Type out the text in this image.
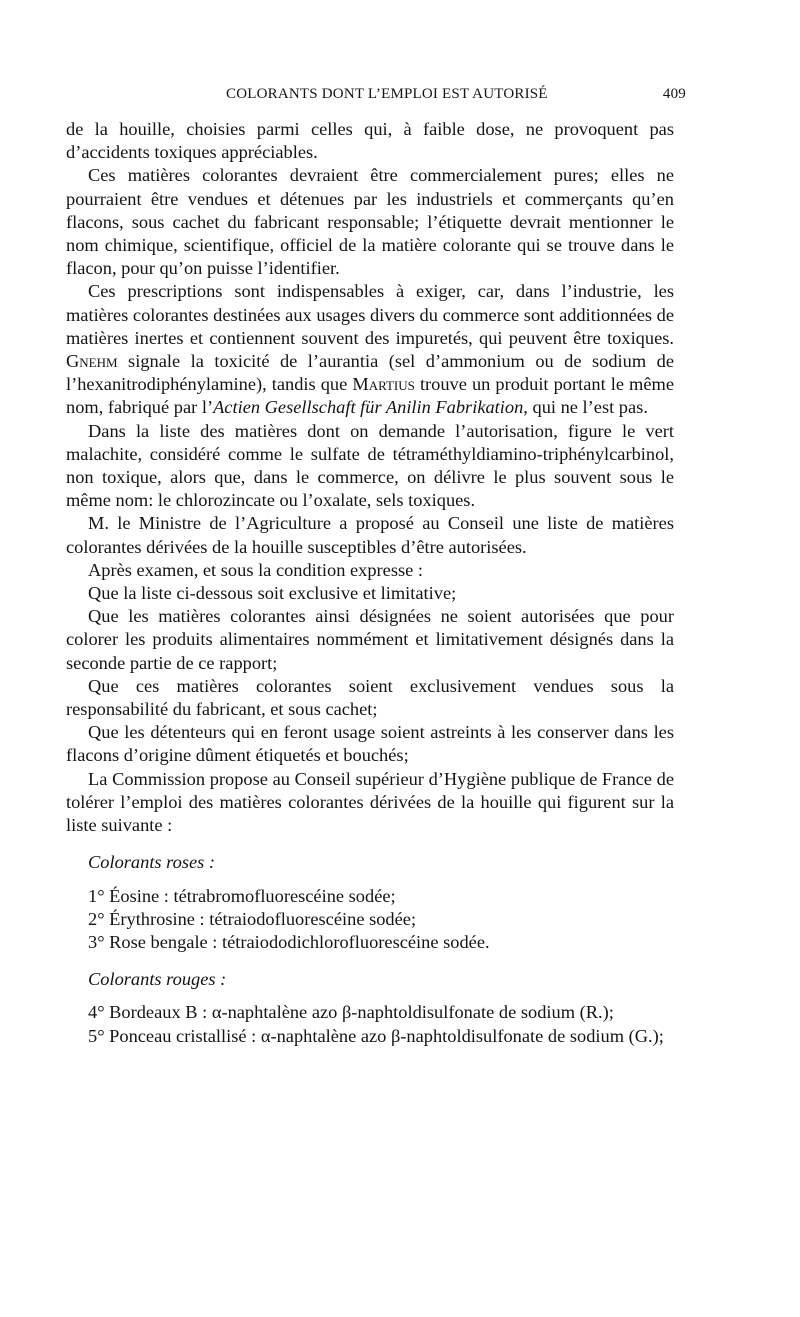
COLORANTS DONT L’EMPLOI EST AUTORISÉ	409

de la houille, choisies parmi celles qui, à faible dose, ne provoquent pas d’accidents toxiques appréciables.

Ces matières colorantes devraient être commercialement pures; elles ne pourraient être vendues et détenues par les industriels et commerçants qu’en flacons, sous cachet du fabricant responsable; l’étiquette devrait mentionner le nom chimique, scientifique, officiel de la matière colorante qui se trouve dans le flacon, pour qu’on puisse l’identifier.

Ces prescriptions sont indispensables à exiger, car, dans l’industrie, les matières colorantes destinées aux usages divers du commerce sont additionnées de matières inertes et contiennent souvent des impuretés, qui peuvent être toxiques. Gnehm signale la toxicité de l’aurantia (sel d’ammonium ou de sodium de l’hexanitrodiphénylamine), tandis que Martius trouve un produit portant le même nom, fabriqué par l’Actien Gesellschaft für Anilin Fabrikation, qui ne l’est pas.

Dans la liste des matières dont on demande l’autorisation, figure le vert malachite, considéré comme le sulfate de tétraméthyldiamino-triphénylcarbinol, non toxique, alors que, dans le commerce, on délivre le plus souvent sous le même nom: le chlorozincate ou l’oxalate, sels toxiques.

M. le Ministre de l’Agriculture a proposé au Conseil une liste de matières colorantes dérivées de la houille susceptibles d’être autorisées.

Après examen, et sous la condition expresse :

Que la liste ci-dessous soit exclusive et limitative;

Que les matières colorantes ainsi désignées ne soient autorisées que pour colorer les produits alimentaires nommément et limitativement désignés dans la seconde partie de ce rapport;

Que ces matières colorantes soient exclusivement vendues sous la responsabilité du fabricant, et sous cachet;

Que les détenteurs qui en feront usage soient astreints à les conserver dans les flacons d’origine dûment étiquetés et bouchés;

La Commission propose au Conseil supérieur d’Hygiène publique de France de tolérer l’emploi des matières colorantes dérivées de la houille qui figurent sur la liste suivante :

Colorants roses :

1° Éosine : tétrabromofluorescéine sodée;

2° Érythrosine : tétraiodofluorescéine sodée;

3° Rose bengale : tétraiododichlorofluorescéine sodée.

Colorants rouges :

4° Bordeaux B : α-naphtalène azo β-naphtoldisulfonate de sodium (R.);

5° Ponceau cristallisé : α-naphtalène azo β-naphtoldisulfonate de sodium (G.);
